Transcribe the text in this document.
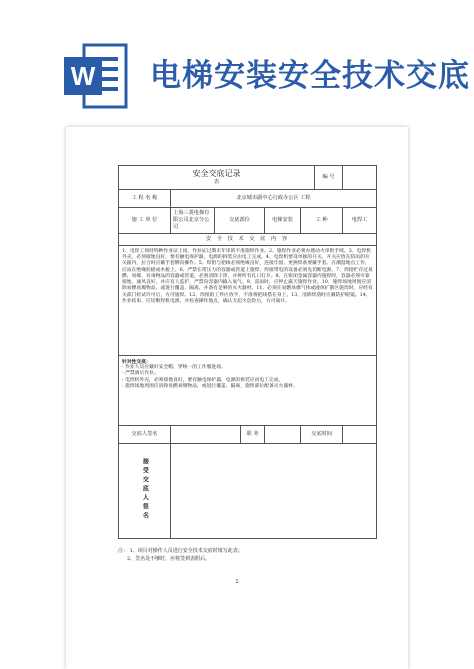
W 电梯安装安全技术交底
安全交底记录
表						编 号	
工 程 名 称	北京城市副中心行政办公区 工程						
施 工 单 位	上海三菱电梯有限公司北京分公司	交底部位		电梯安装	工 种		电焊工
安 全 技 术 交 底 内 容							

1、电焊工须持特种作业证上岗，作业证过期未年审的不准施焊作业。2、施焊作业必须办理动火审批手续。3、电焊机外壳，必须接地良好，要有触电保护器，电源的拆装应由电工完成。4、电焊机要设单独的开关，开关应放在防雨的开关箱内，拉合时应戴手套侧向操作。5、焊钳与把线必须绝缘良好，连接牢固，更换焊条要戴手套。在潮湿地点工作，应站在绝缘胶板或木板上。6、严禁在带压力的容器或管道上施焊，焊接带电的设备必须先切断电源。7、焊接贮存过易燃、易爆、有毒物品的容器或管道，必须清除干净，并将所有孔口打开。8、在密闭金属容器内施焊时，容器必须可靠接地，通风良好，并应有人监护，严禁向容器内输入氧气。9、雷雨时，应停止露天施焊作业。10、施焊场地周围应清除易燃易爆物品，或进行覆盖、隔离，并备有足够的灭火器材。11、必须在易燃易爆气体或液体扩散区施焊时，应经有关部门检试许可后，方可施焊。12、焊接的工件应放平，不准将把线搭在身上。13、清除焊渣时应戴防护眼镜。14、作业结束，应切断焊机电源，并检查操作地点，确认无起火危险后，方可离开。							

针对性交底：

· 作业人员应戴好安全帽、穿统一的工作服进场。

· 严禁酒后作业。

· 电焊机外壳，必须接地良好，要有触电保护器，电源的拆装应由电工完成。

· 施焊场地周围应清除易燃易爆物品，或进行覆盖、隔离，施焊部位配备灭火器材。							

交底人签名			职 务		交底时间		
接受交底人签名							

注： 1、项目对操作人员进行安全技术交底时填写此表；

2、签名处不够时，应将签到表附后。

1
